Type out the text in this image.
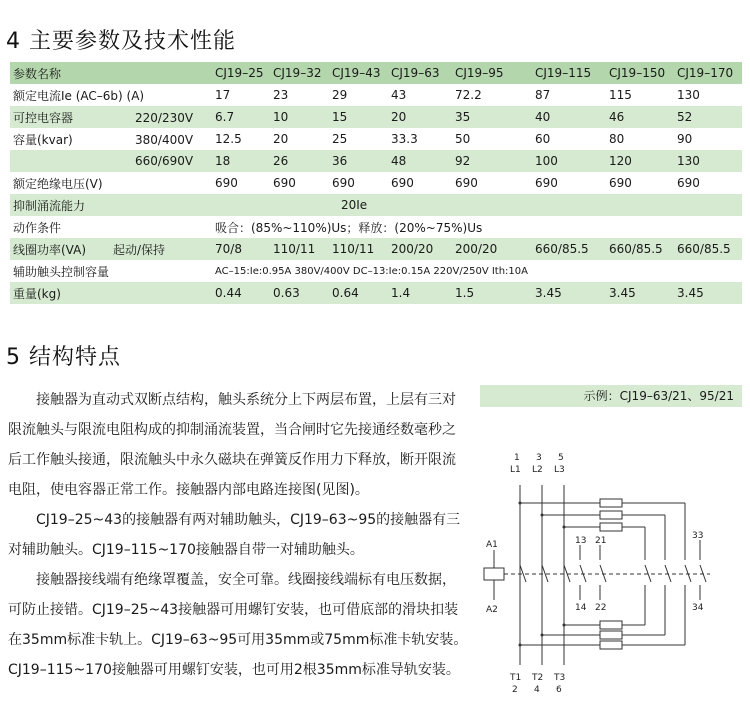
4 主要参数及技术性能
参数名称	CJ19–25	CJ19–32	CJ19–43	CJ19–63	CJ19–95	CJ19–115	CJ19–150	CJ19–170
额定电流Ie (AC–6b) (A)	17	23	29	43	72.2	87	115	130
可控电容器 220/230V	6.7	10	15	20	35	40	46	52
容量(kvar) 380/400V	12.5	20	25	33.3	50	60	80	90
660/690V	18	26	36	48	92	100	120	130
额定绝缘电压(V)	690	690	690	690	690	690	690	690
抑制涌流能力	20Ie							
动作条件	吸合：(85%~110%)Us；释放：(20%~75%)Us							
线圈功率(VA) 起动/保持	70/8	110/11	110/11	200/20	200/20	660/85.5	660/85.5	660/85.5
辅助触头控制容量	AC–15:Ie:0.95A 380V/400V DC–13:Ie:0.15A 220V/250V Ith:10A							
重量(kg)	0.44	0.63	0.64	1.4	1.5	3.45	3.45	3.45
5 结构特点

接触器为直动式双断点结构，触头系统分上下两层布置，上层有三对限流触头与限流电阻构成的抑制涌流装置，当合闸时它先接通经数毫秒之后工作触头接通，限流触头中永久磁块在弹簧反作用力下释放，断开限流电阻，使电容器正常工作。接触器内部电路连接图(见图)。

CJ19–25~43的接触器有两对辅助触头，CJ19–63~95的接触器有三对辅助触头。CJ19–115~170接触器自带一对辅助触头。

接触器接线端有绝缘罩覆盖，安全可靠。线圈接线端标有电压数据，可防止接错。CJ19–25~43接触器可用螺钉安装，也可借底部的滑块扣装在35mm标准卡轨上。CJ19–63~95可用35mm或75mm标准卡轨安装。CJ19–115~170接触器可用螺钉安装，也可用2根35mm标准导轨安装。

示例：CJ19–63/21、95/21
1 3 5
L1 L2 L3
A1
A2
13 21
14 22
33
34
T1 T2 T3
2 4 6
